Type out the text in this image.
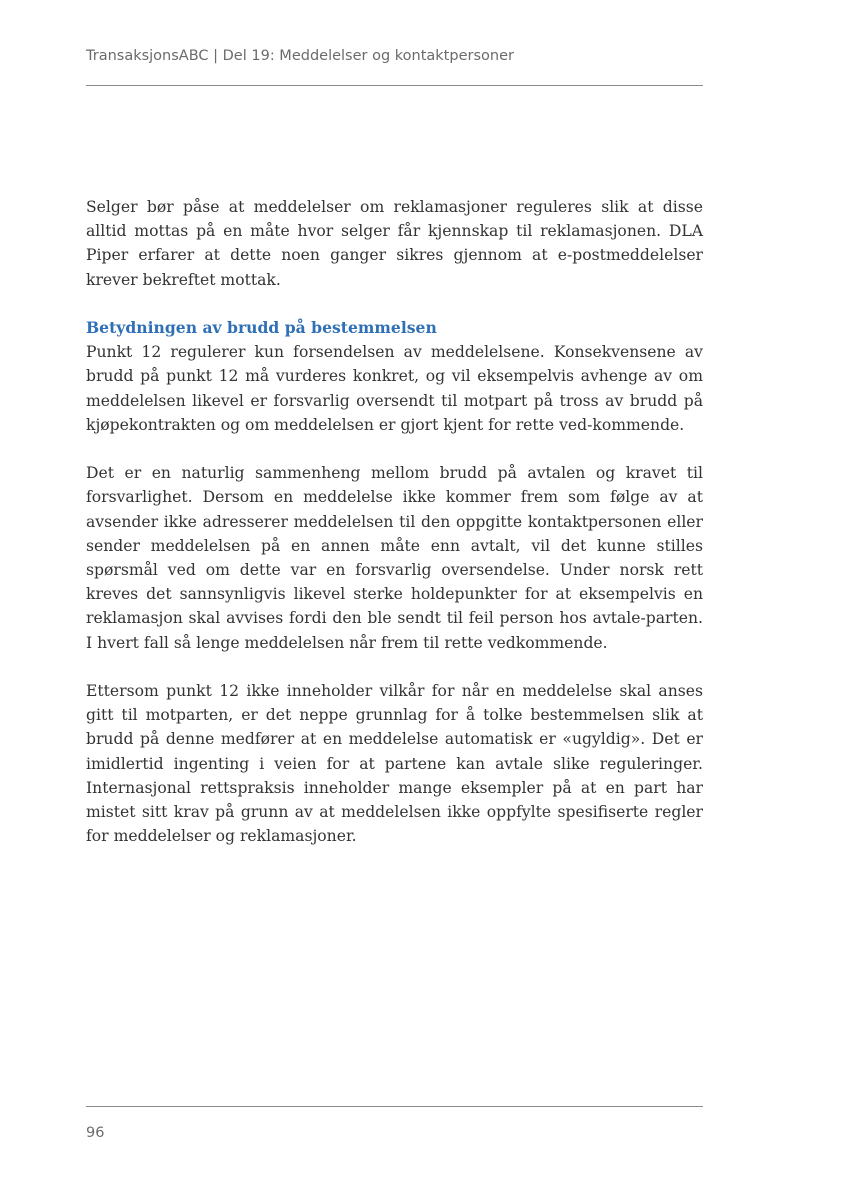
TransaksjonsABC | Del 19: Meddelelser og kontaktpersoner

Selger bør påse at meddelelser om reklamasjoner reguleres slik at disse alltid mottas på en måte hvor selger får kjennskap til reklamasjonen. DLA Piper erfarer at dette noen ganger sikres gjennom at e-postmeddelelser krever bekreftet mottak.

Betydningen av brudd på bestemmelsen

Punkt 12 regulerer kun forsendelsen av meddelelsene. Konsekvensene av brudd på punkt 12 må vurderes konkret, og vil eksempelvis avhenge av om meddelelsen likevel er forsvarlig oversendt til motpart på tross av brudd på kjøpekontrakten og om meddelelsen er gjort kjent for rette ved-kommende.

Det er en naturlig sammenheng mellom brudd på avtalen og kravet til forsvarlighet. Dersom en meddelelse ikke kommer frem som følge av at avsender ikke adresserer meddelelsen til den oppgitte kontaktpersonen eller sender meddelelsen på en annen måte enn avtalt, vil det kunne stilles spørsmål ved om dette var en forsvarlig oversendelse. Under norsk rett kreves det sannsynligvis likevel sterke holdepunkter for at eksempelvis en reklamasjon skal avvises fordi den ble sendt til feil person hos avtale-parten. I hvert fall så lenge meddelelsen når frem til rette vedkommende.

Ettersom punkt 12 ikke inneholder vilkår for når en meddelelse skal anses gitt til motparten, er det neppe grunnlag for å tolke bestemmelsen slik at brudd på denne medfører at en meddelelse automatisk er «ugyldig». Det er imidlertid ingenting i veien for at partene kan avtale slike reguleringer. Internasjonal rettspraksis inneholder mange eksempler på at en part har mistet sitt krav på grunn av at meddelelsen ikke oppfylte spesifiserte regler for meddelelser og reklamasjoner.

96
